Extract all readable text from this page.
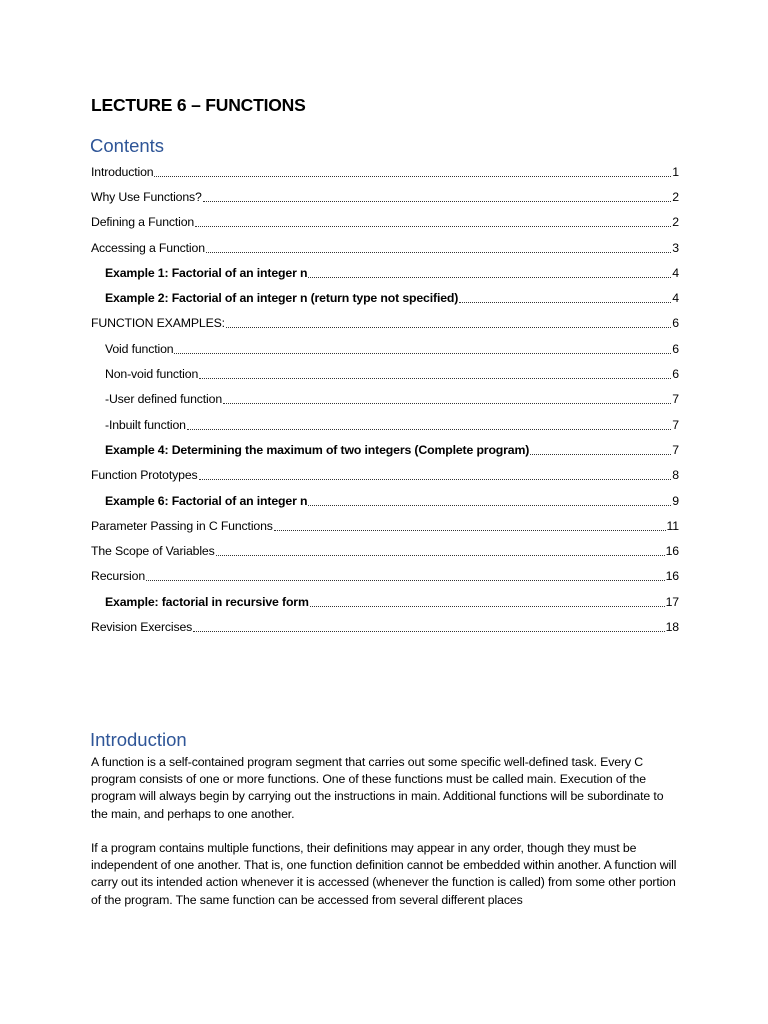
LECTURE 6 – FUNCTIONS
Contents
Introduction	1
Why Use Functions?	2
Defining a Function	2
Accessing a Function	3
Example 1: Factorial of an integer n	4
Example 2: Factorial of an integer n (return type not specified)	4
FUNCTION EXAMPLES:	6
Void function	6
Non-void function	6
-User defined function	7
-Inbuilt function	7
Example 4: Determining the maximum of two integers (Complete program)	7
Function Prototypes	8
Example 6: Factorial of an integer n	9
Parameter Passing in C Functions	11
The Scope of Variables	16
Recursion	16
Example: factorial in recursive form	17
Revision Exercises	18
Introduction

A function is a self-contained program segment that carries out some specific well-defined task. Every C program consists of one or more functions. One of these functions must be called main. Execution of the program will always begin by carrying out the instructions in main. Additional functions will be subordinate to the main, and perhaps to one another.

If a program contains multiple functions, their definitions may appear in any order, though they must be independent of one another. That is, one function definition cannot be embedded within another. A function will carry out its intended action whenever it is accessed (whenever the function is called) from some other portion of the program. The same function can be accessed from several different places
